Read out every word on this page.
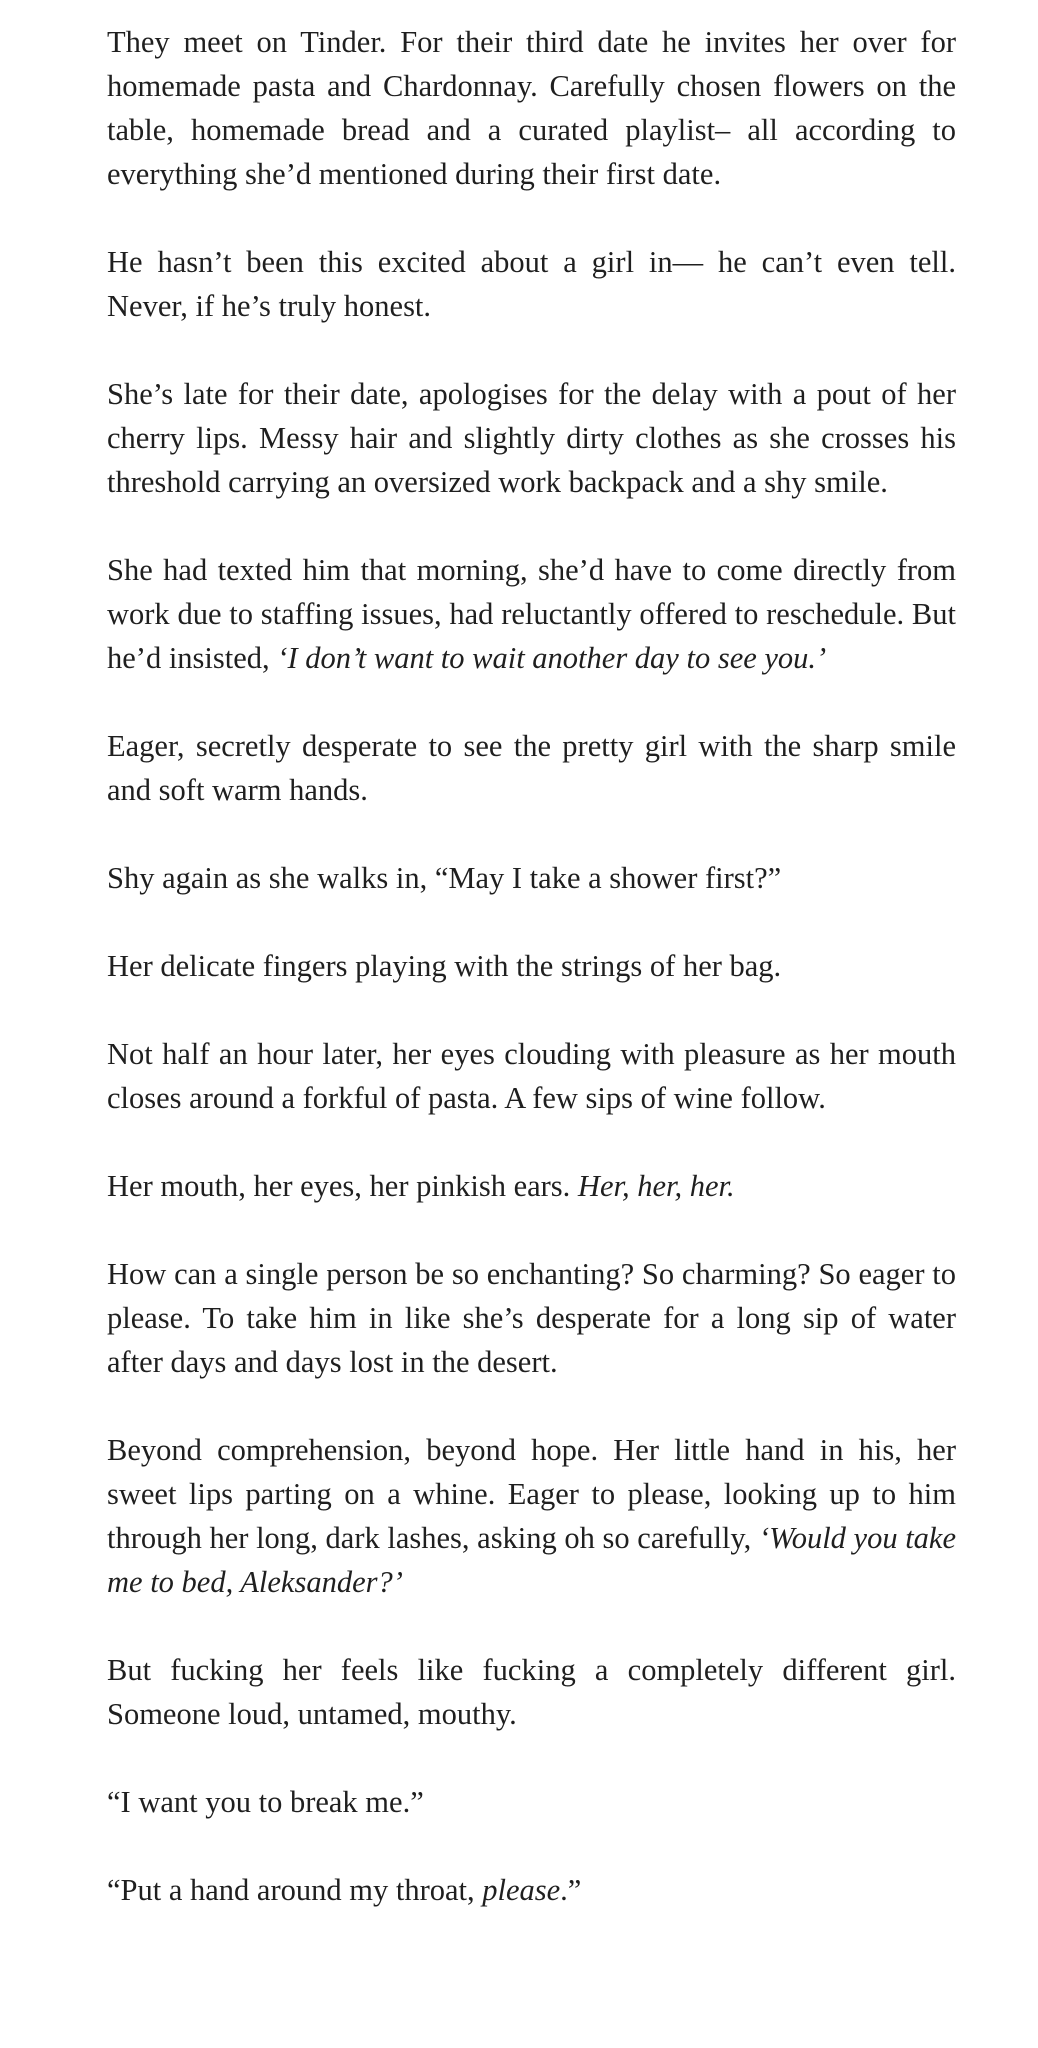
They meet on Tinder. For their third date he invites her over for homemade pasta and Chardonnay. Carefully chosen flowers on the table, homemade bread and a curated playlist– all according to everything she’d mentioned during their first date.

He hasn’t been this excited about a girl in— he can’t even tell. Never, if he’s truly honest.

She’s late for their date, apologises for the delay with a pout of her cherry lips. Messy hair and slightly dirty clothes as she crosses his threshold carrying an oversized work backpack and a shy smile.

She had texted him that morning, she’d have to come directly from work due to staffing issues, had reluctantly offered to reschedule. But he’d insisted, ‘I don’t want to wait another day to see you.’

Eager, secretly desperate to see the pretty girl with the sharp smile and soft warm hands.

Shy again as she walks in, “May I take a shower first?”

Her delicate fingers playing with the strings of her bag.

Not half an hour later, her eyes clouding with pleasure as her mouth closes around a forkful of pasta. A few sips of wine follow.

Her mouth, her eyes, her pinkish ears. Her, her, her.

How can a single person be so enchanting? So charming? So eager to please. To take him in like she’s desperate for a long sip of water after days and days lost in the desert.

Beyond comprehension, beyond hope. Her little hand in his, her sweet lips parting on a whine. Eager to please, looking up to him through her long, dark lashes, asking oh so carefully, ‘Would you take me to bed, Aleksander?’

But fucking her feels like fucking a completely different girl. Someone loud, untamed, mouthy.

“I want you to break me.”

“Put a hand around my throat, please.”
